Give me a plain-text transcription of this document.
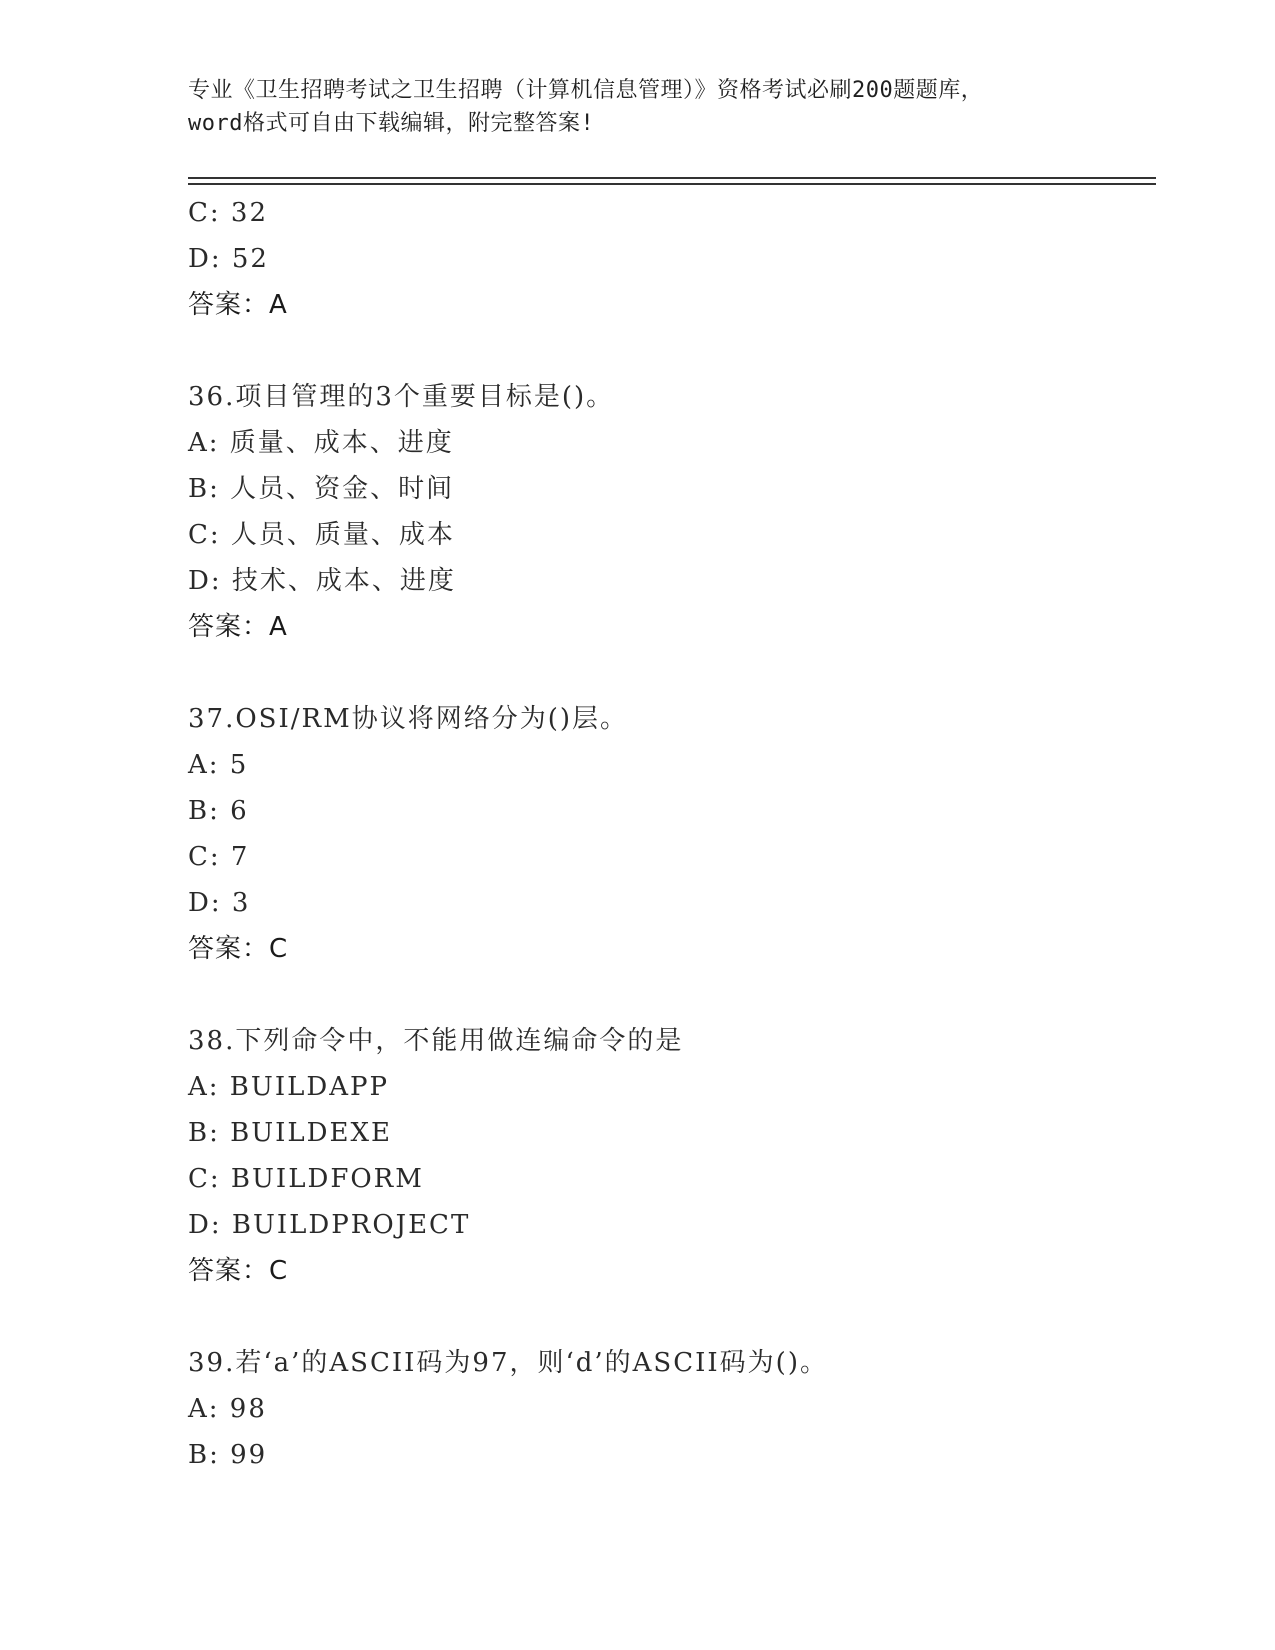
专业《卫生招聘考试之卫生招聘（计算机信息管理）》资格考试必刷200题题库，
word格式可自由下载编辑，附完整答案!
C: 32
D: 52
答案：A
36.项目管理的3个重要目标是()。
A: 质量、成本、进度
B: 人员、资金、时间
C: 人员、质量、成本
D: 技术、成本、进度
答案：A
37.OSI/RM协议将网络分为()层。
A: 5
B: 6
C: 7
D: 3
答案：C
38.下列命令中，不能用做连编命令的是
A: BUILDAPP
B: BUILDEXE
C: BUILDFORM
D: BUILDPROJECT
答案：C
39.若‘a’的ASCII码为97，则‘d’的ASCII码为()。
A: 98
B: 99
